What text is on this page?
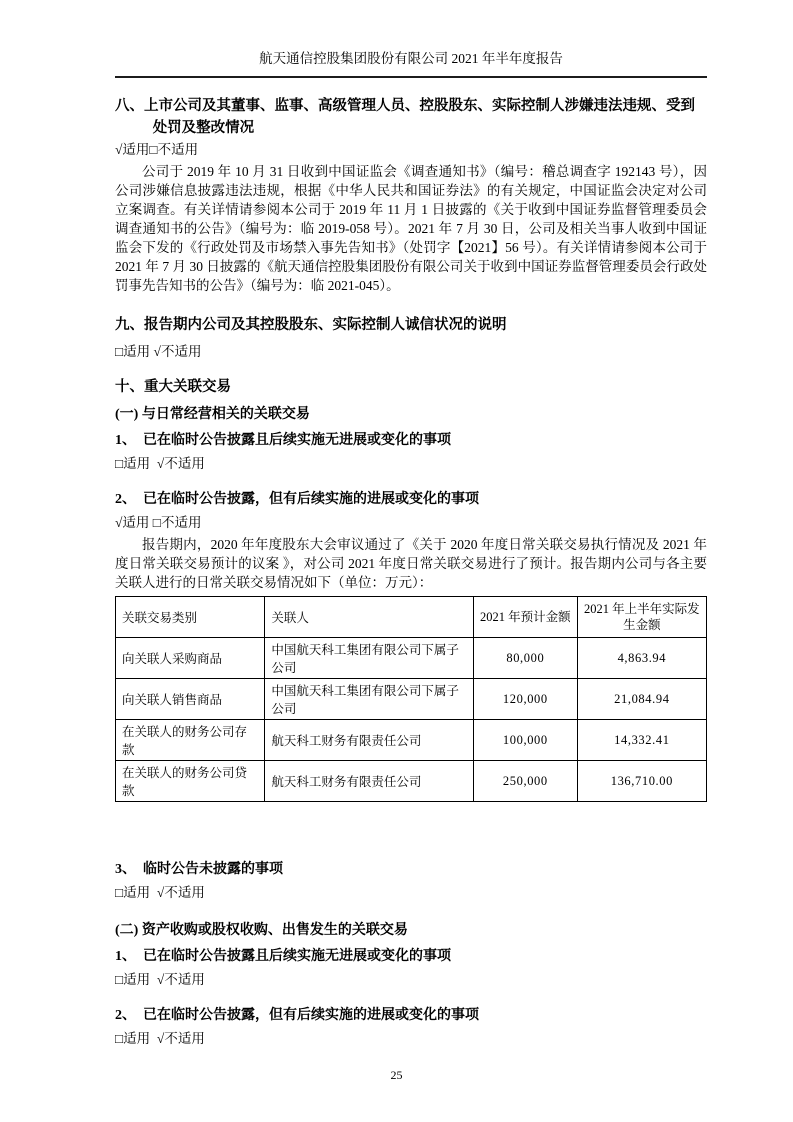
航天通信控股集团股份有限公司 2021 年半年度报告
八、上市公司及其董事、监事、高级管理人员、控股股东、实际控制人涉嫌违法违规、受到处罚及整改情况
√适用□不适用
公司于 2019 年 10 月 31 日收到中国证监会《调查通知书》（编号：稽总调查字 192143 号），因公司涉嫌信息披露违法违规，根据《中华人民共和国证券法》的有关规定，中国证监会决定对公司立案调查。有关详情请参阅本公司于 2019 年 11 月 1 日披露的《关于收到中国证券监督管理委员会调查通知书的公告》（编号为：临 2019-058 号）。2021 年 7 月 30 日，公司及相关当事人收到中国证监会下发的《行政处罚及市场禁入事先告知书》（处罚字【2021】56 号）。有关详情请参阅本公司于 2021 年 7 月 30 日披露的《航天通信控股集团股份有限公司关于收到中国证券监督管理委员会行政处罚事先告知书的公告》（编号为：临 2021-045）。
九、报告期内公司及其控股股东、实际控制人诚信状况的说明
□适用 √不适用
十、重大关联交易
(一) 与日常经营相关的关联交易
1、  已在临时公告披露且后续实施无进展或变化的事项
□适用  √不适用
2、  已在临时公告披露，但有后续实施的进展或变化的事项
√适用 □不适用
报告期内，2020 年年度股东大会审议通过了《关于 2020 年度日常关联交易执行情况及 2021 年度日常关联交易预计的议案 》，对公司 2021 年度日常关联交易进行了预计。报告期内公司与各主要关联人进行的日常关联交易情况如下（单位：万元）：
关联交易类别	关联人	2021 年预计金额	2021 年上半年实际发生金额
向关联人采购商品	中国航天科工集团有限公司下属子公司	80,000	4,863.94
向关联人销售商品	中国航天科工集团有限公司下属子公司	120,000	21,084.94
在关联人的财务公司存款	航天科工财务有限责任公司	100,000	14,332.41
在关联人的财务公司贷款	航天科工财务有限责任公司	250,000	136,710.00
3、  临时公告未披露的事项
□适用  √不适用
(二) 资产收购或股权收购、出售发生的关联交易
1、  已在临时公告披露且后续实施无进展或变化的事项
□适用  √不适用
2、  已在临时公告披露，但有后续实施的进展或变化的事项
□适用  √不适用
25
